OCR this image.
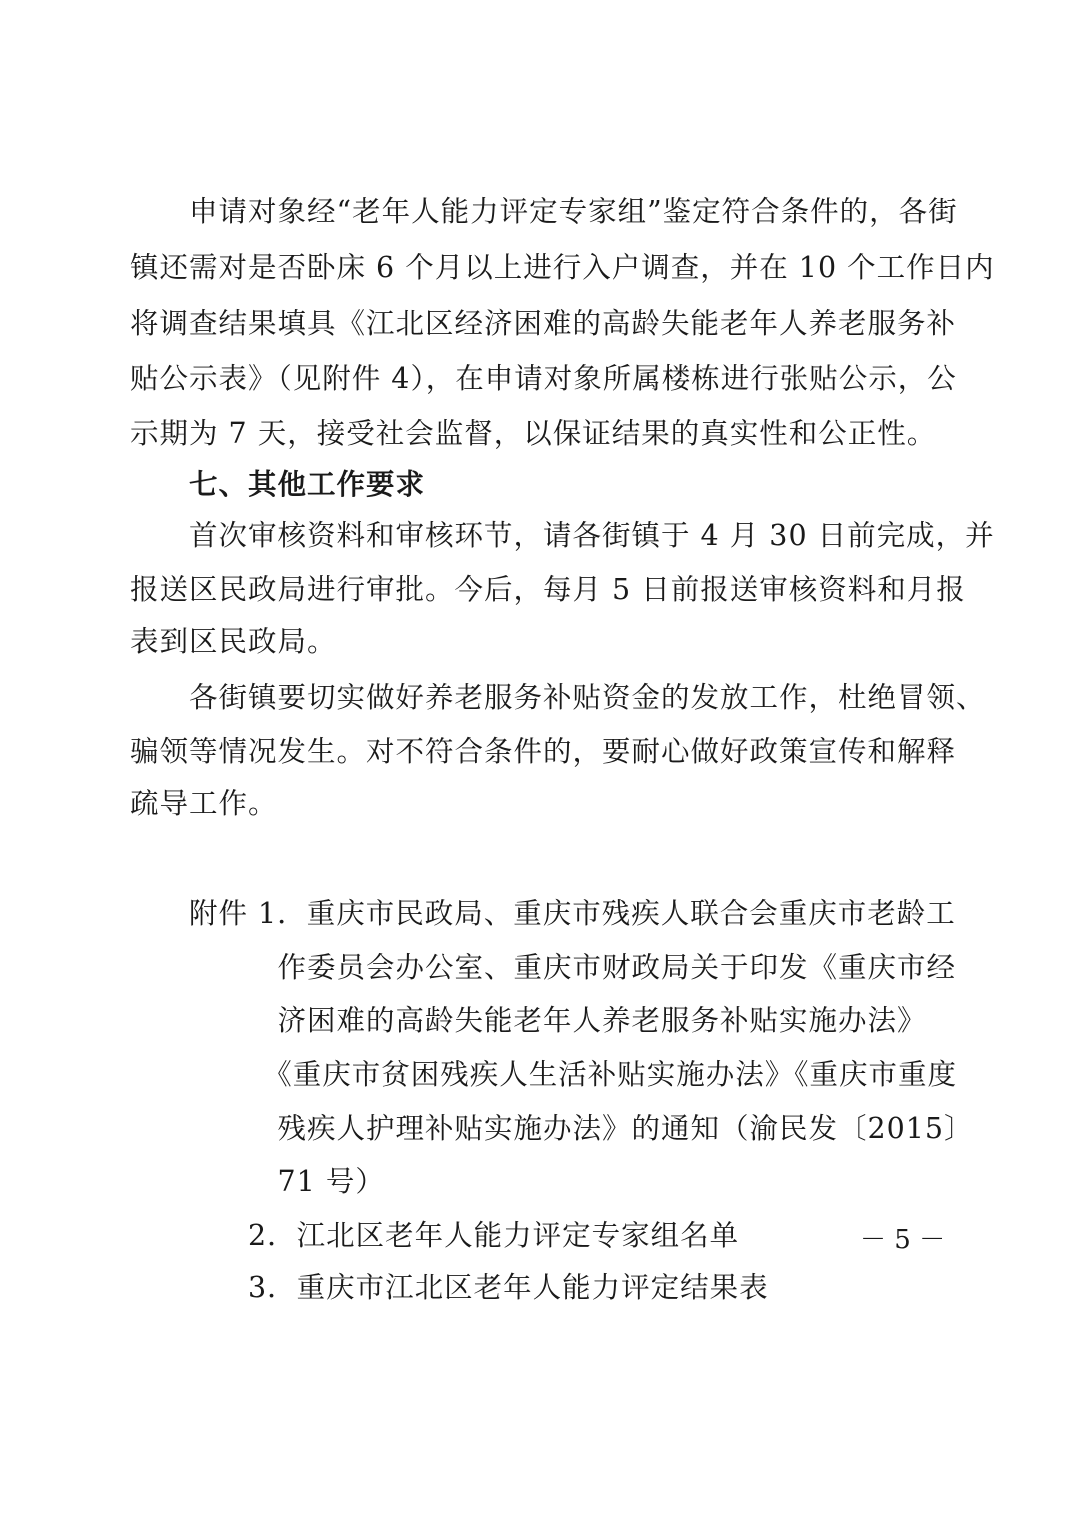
　　申请对象经“老年人能力评定专家组”鉴定符合条件的，各街
镇还需对是否卧床 6 个月以上进行入户调查，并在 10 个工作日内
将调查结果填具《江北区经济困难的高龄失能老年人养老服务补
贴公示表》（见附件 4），在申请对象所属楼栋进行张贴公示，公
示期为 7 天，接受社会监督，以保证结果的真实性和公正性。
　　七、其他工作要求
　　首次审核资料和审核环节，请各街镇于 4 月 30 日前完成，并
报送区民政局进行审批。今后，每月 5 日前报送审核资料和月报
表到区民政局。
　　各街镇要切实做好养老服务补贴资金的发放工作，杜绝冒领、
骗领等情况发生。对不符合条件的，要耐心做好政策宣传和解释
疏导工作。
　　附件 1．重庆市民政局、重庆市残疾人联合会重庆市老龄工
　　　　　作委员会办公室、重庆市财政局关于印发《重庆市经
　　　　　济困难的高龄失能老年人养老服务补贴实施办法》
　　　　　《重庆市贫困残疾人生活补贴实施办法》《重庆市重度
　　　　　残疾人护理补贴实施办法》的通知（渝民发〔2015〕
　　　　　71 号）
　　　　2．江北区老年人能力评定专家组名单
　　　　3．重庆市江北区老年人能力评定结果表
－ 5 －
